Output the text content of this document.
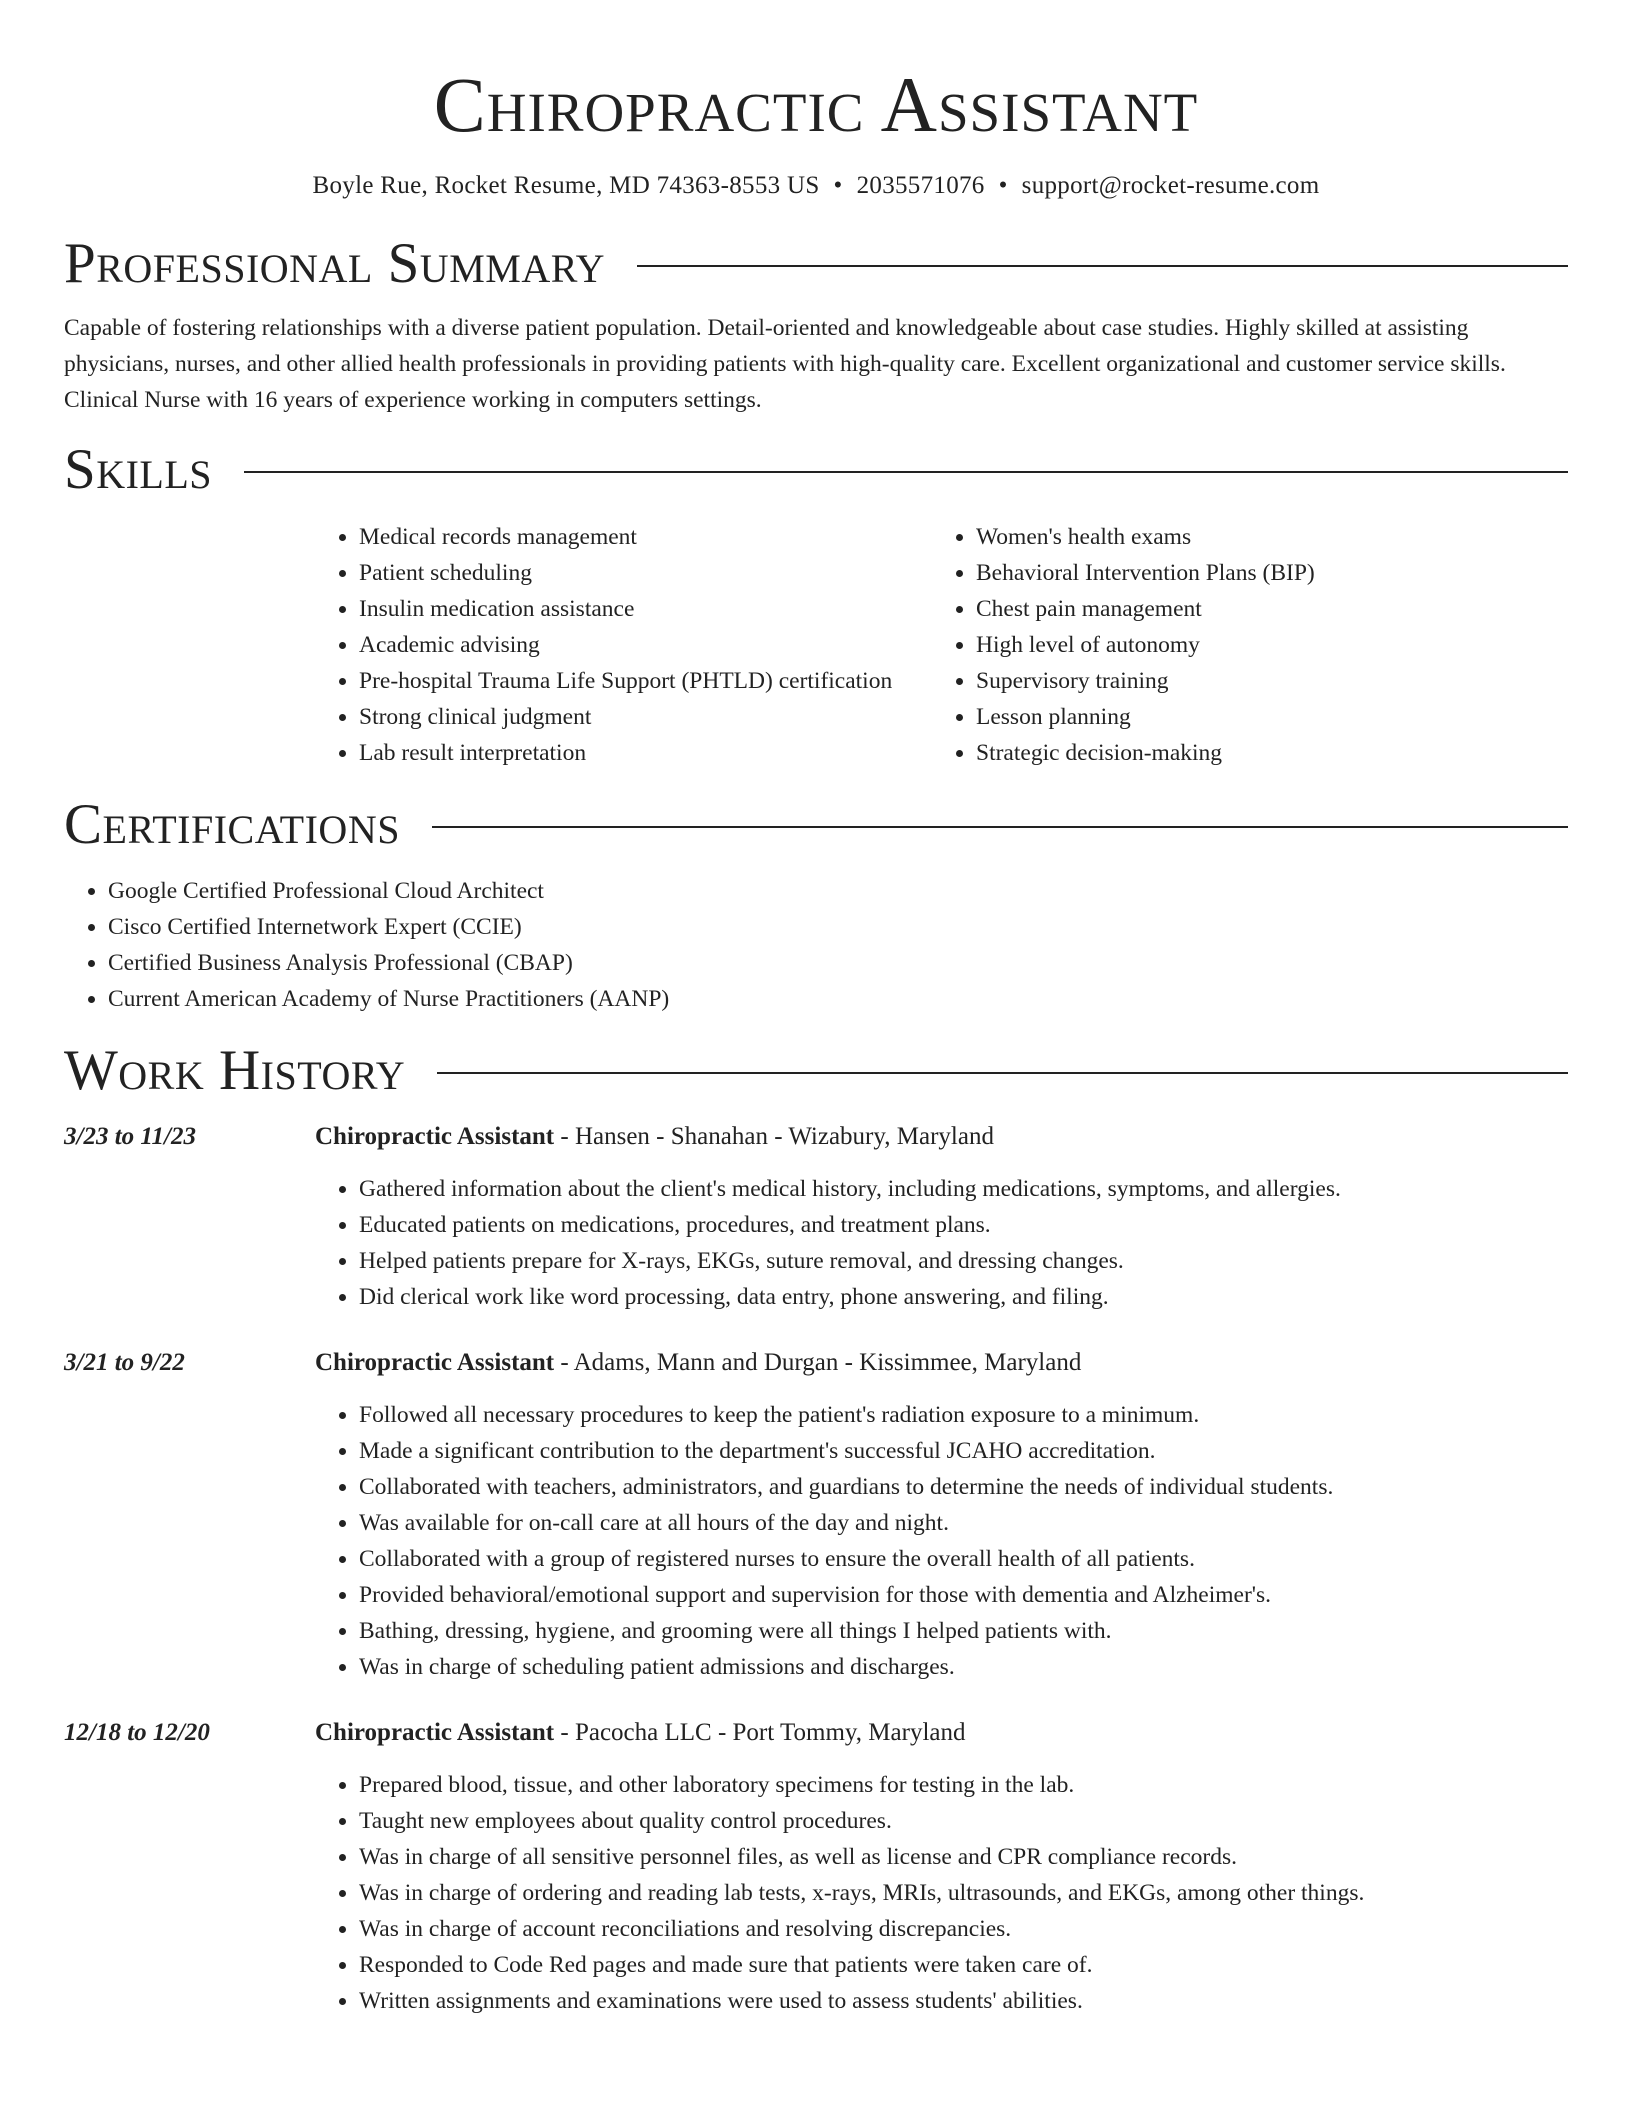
Chiropractic Assistant
Boyle Rue, Rocket Resume, MD 74363-8553 US • 2035571076 • support@rocket-resume.com
Professional Summary

Capable of fostering relationships with a diverse patient population. Detail-oriented and knowledgeable about case studies. Highly skilled at assisting physicians, nurses, and other allied health professionals in providing patients with high-quality care. Excellent organizational and customer service skills. Clinical Nurse with 16 years of experience working in computers settings.

Skills
• Medical records management
• Patient scheduling
• Insulin medication assistance
• Academic advising
• Pre-hospital Trauma Life Support (PHTLD) certification
• Strong clinical judgment
• Lab result interpretation
• Women's health exams
• Behavioral Intervention Plans (BIP)
• Chest pain management
• High level of autonomy
• Supervisory training
• Lesson planning
• Strategic decision-making
Certifications
• Google Certified Professional Cloud Architect
• Cisco Certified Internetwork Expert (CCIE)
• Certified Business Analysis Professional (CBAP)
• Current American Academy of Nurse Practitioners (AANP)
Work History
3/23 to 11/23	Chiropractic Assistant - Hansen - Shanahan - Wizabury, Maryland
• Gathered information about the client's medical history, including medications, symptoms, and allergies.
• Educated patients on medications, procedures, and treatment plans.
• Helped patients prepare for X-rays, EKGs, suture removal, and dressing changes.
• Did clerical work like word processing, data entry, phone answering, and filing.
3/21 to 9/22	Chiropractic Assistant - Adams, Mann and Durgan - Kissimmee, Maryland
• Followed all necessary procedures to keep the patient's radiation exposure to a minimum.
• Made a significant contribution to the department's successful JCAHO accreditation.
• Collaborated with teachers, administrators, and guardians to determine the needs of individual students.
• Was available for on-call care at all hours of the day and night.
• Collaborated with a group of registered nurses to ensure the overall health of all patients.
• Provided behavioral/emotional support and supervision for those with dementia and Alzheimer's.
• Bathing, dressing, hygiene, and grooming were all things I helped patients with.
• Was in charge of scheduling patient admissions and discharges.
12/18 to 12/20	Chiropractic Assistant - Pacocha LLC - Port Tommy, Maryland
• Prepared blood, tissue, and other laboratory specimens for testing in the lab.
• Taught new employees about quality control procedures.
• Was in charge of all sensitive personnel files, as well as license and CPR compliance records.
• Was in charge of ordering and reading lab tests, x-rays, MRIs, ultrasounds, and EKGs, among other things.
• Was in charge of account reconciliations and resolving discrepancies.
• Responded to Code Red pages and made sure that patients were taken care of.
• Written assignments and examinations were used to assess students' abilities.
